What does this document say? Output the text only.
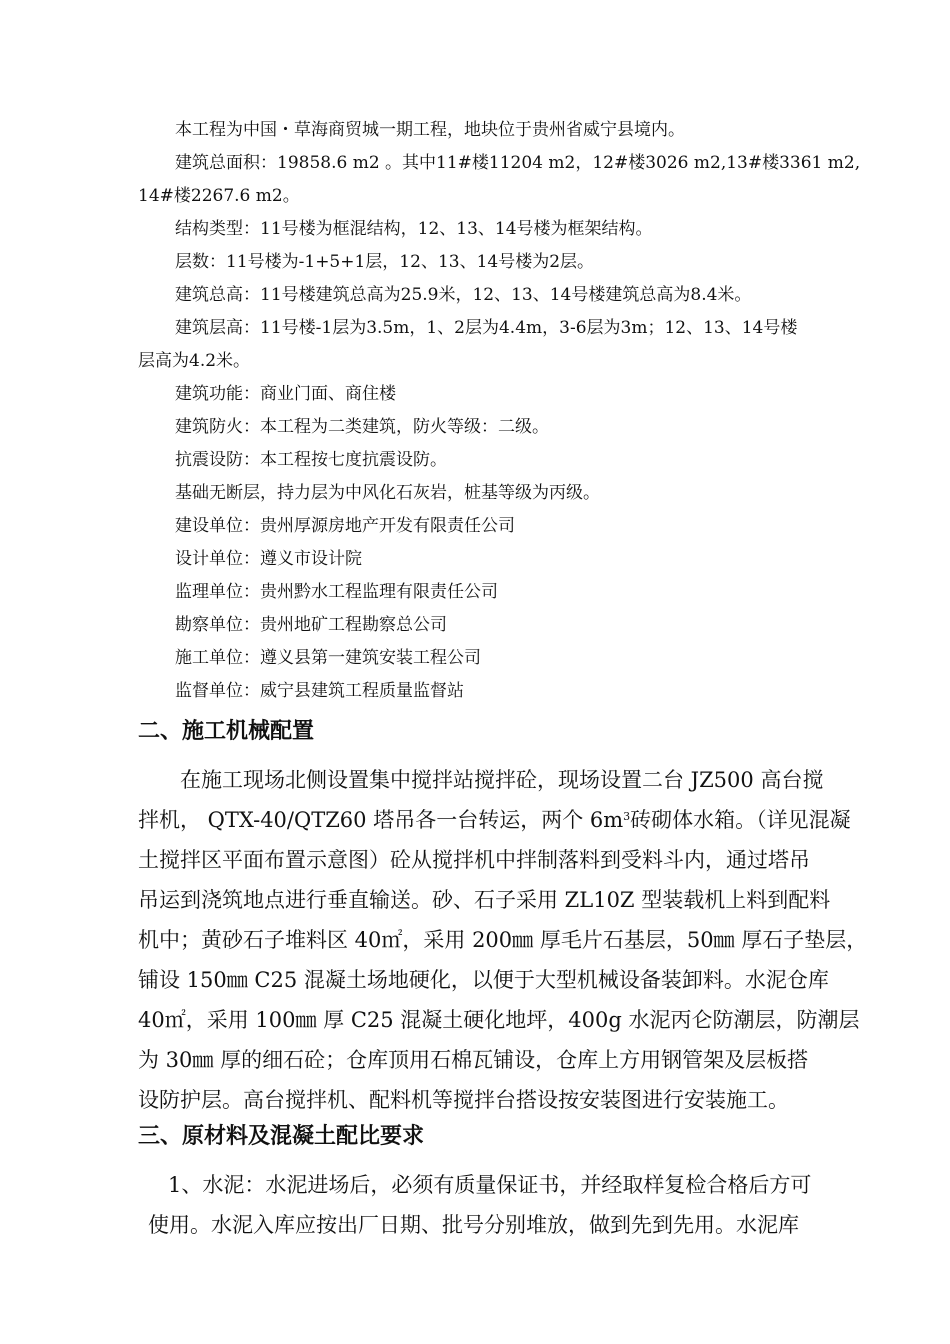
本工程为中国・草海商贸城一期工程，地块位于贵州省威宁县境内。
建筑总面积：19858.6 m2 。其中11#楼11204 m2，12#楼3026 m2,13#楼3361 m2,
14#楼2267.6 m2。
结构类型：11号楼为框混结构，12、13、14号楼为框架结构。
层数：11号楼为-1+5+1层，12、13、14号楼为2层。
建筑总高：11号楼建筑总高为25.9米，12、13、14号楼建筑总高为8.4米。
建筑层高：11号楼-1层为3.5m，1、2层为4.4m，3-6层为3m；12、13、14号楼
层高为4.2米。
建筑功能：商业门面、商住楼
建筑防火：本工程为二类建筑，防火等级：二级。
抗震设防：本工程按七度抗震设防。
基础无断层，持力层为中风化石灰岩，桩基等级为丙级。
建设单位：贵州厚源房地产开发有限责任公司
设计单位：遵义市设计院
监理单位：贵州黔水工程监理有限责任公司
勘察单位：贵州地矿工程勘察总公司
施工单位：遵义县第一建筑安装工程公司
监督单位：威宁县建筑工程质量监督站
二、施工机械配置
在施工现场北侧设置集中搅拌站搅拌砼，现场设置二台 JZ500 高台搅
拌机， QTX-40/QTZ60 塔吊各一台转运，两个 $6m^3$砖砌体水箱。（详见混凝
土搅拌区平面布置示意图）砼从搅拌机中拌制落料到受料斗内，通过塔吊
吊运到浇筑地点进行垂直输送。砂、石子采用 ZL10Z 型装载机上料到配料
机中；黄砂石子堆料区 40㎡，采用 200㎜ 厚毛片石基层，50㎜ 厚石子垫层，
铺设 150㎜ C25 混凝土场地硬化，以便于大型机械设备装卸料。水泥仓库
40㎡，采用 100㎜ 厚 C25 混凝土硬化地坪，400g 水泥丙仑防潮层，防潮层
为 30㎜ 厚的细石砼；仓库顶用石棉瓦铺设，仓库上方用钢管架及层板搭
设防护层。高台搅拌机、配料机等搅拌台搭设按安装图进行安装施工。
三、原材料及混凝土配比要求
1、水泥：水泥进场后，必须有质量保证书，并经取样复检合格后方可
使用。水泥入库应按出厂日期、批号分别堆放，做到先到先用。水泥库
